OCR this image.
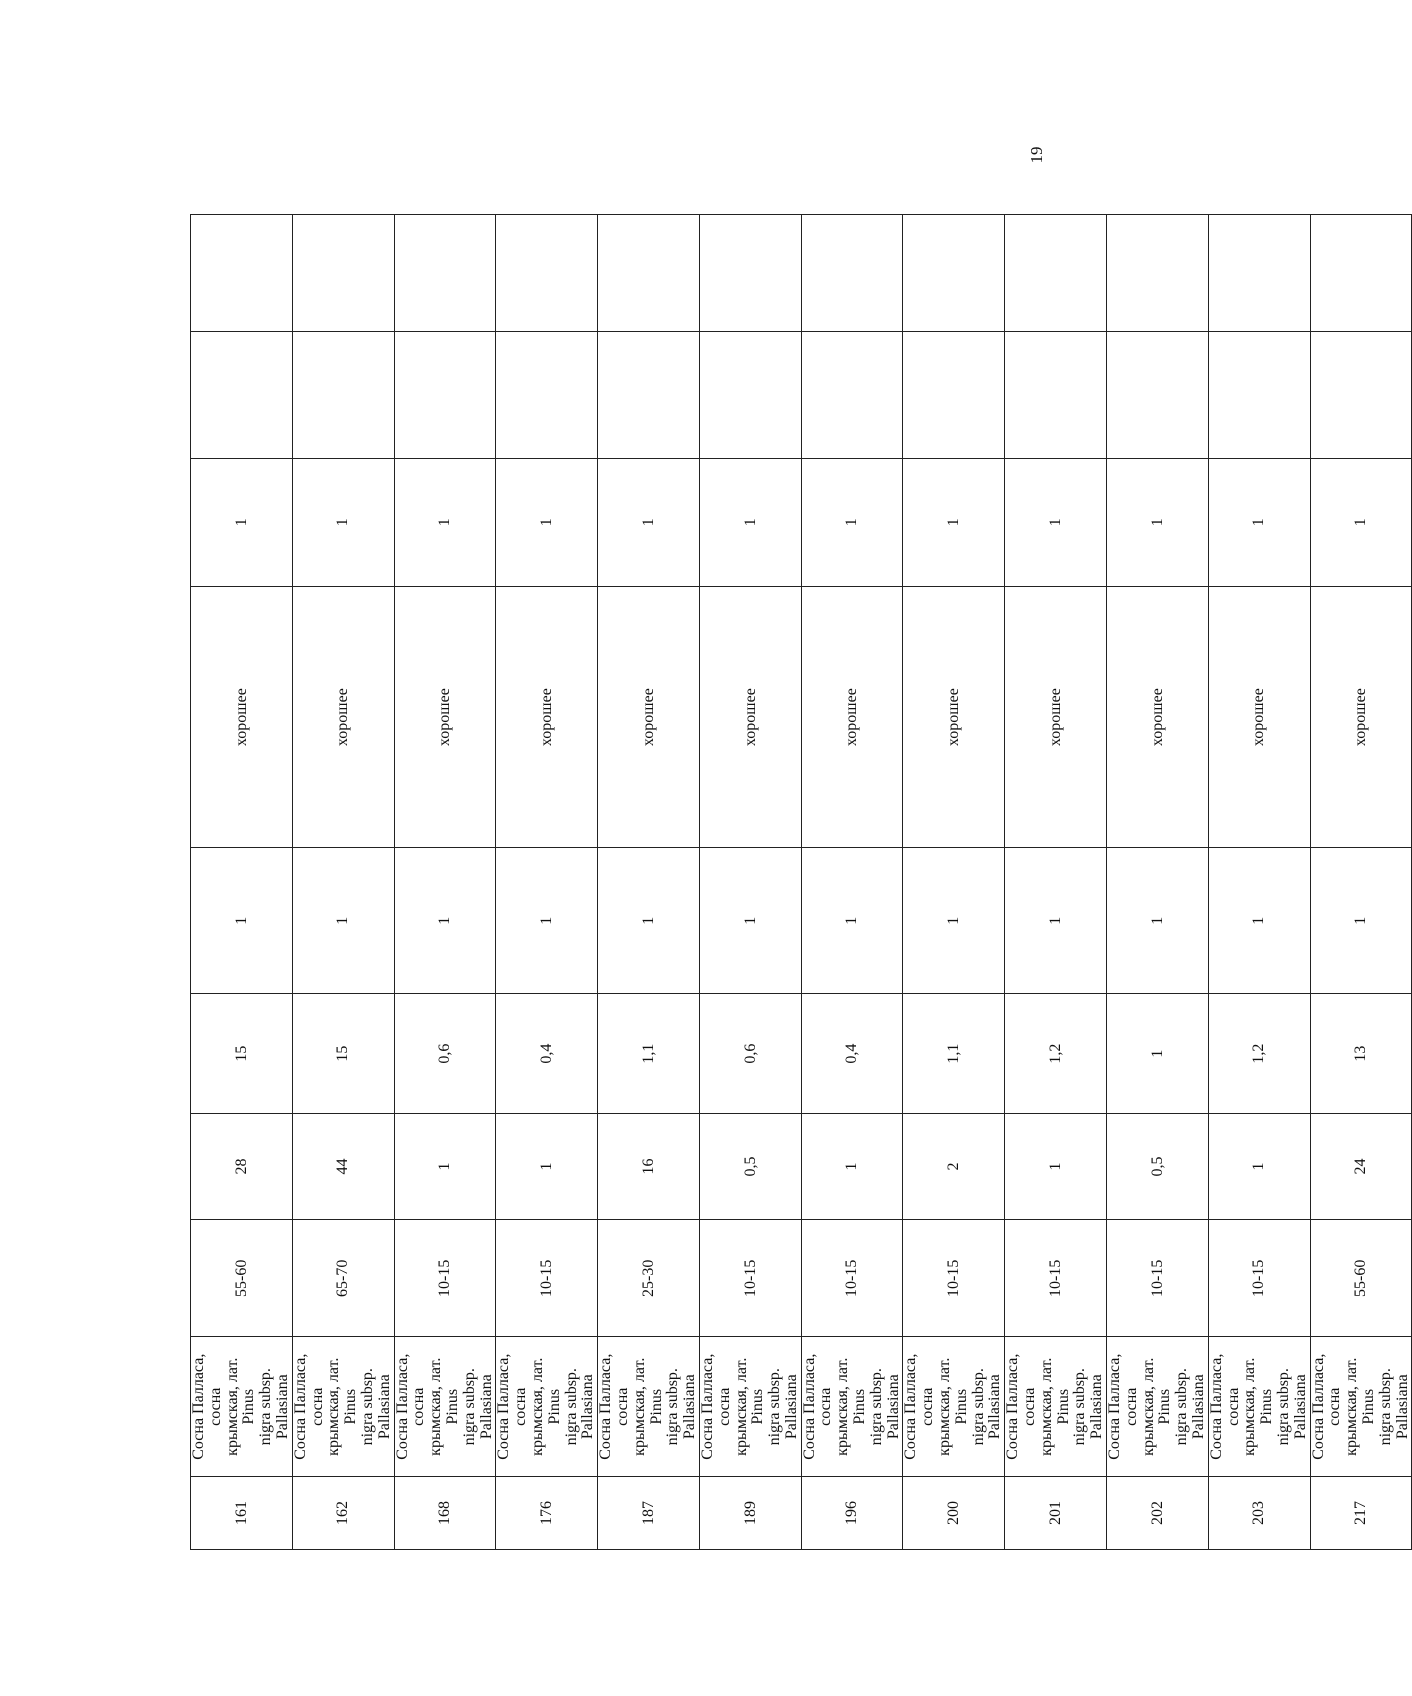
19
161	Сосна Палласа, сосна крымская, лат. Pinus nigra subsp. Pallasiana	55-60	28	15	1	хорошее	1		
162	Сосна Палласа, сосна крымская, лат. Pinus nigra subsp. Pallasiana	65-70	44	15	1	хорошее	1		
168	Сосна Палласа, сосна крымская, лат. Pinus nigra subsp. Pallasiana	10-15	1	0,6	1	хорошее	1		
176	Сосна Палласа, сосна крымская, лат. Pinus nigra subsp. Pallasiana	10-15	1	0,4	1	хорошее	1		
187	Сосна Палласа, сосна крымская, лат. Pinus nigra subsp. Pallasiana	25-30	16	1,1	1	хорошее	1		
189	Сосна Палласа, сосна крымская, лат. Pinus nigra subsp. Pallasiana	10-15	0,5	0,6	1	хорошее	1		
196	Сосна Палласа, сосна крымская, лат. Pinus nigra subsp. Pallasiana	10-15	1	0,4	1	хорошее	1		
200	Сосна Палласа, сосна крымская, лат. Pinus nigra subsp. Pallasiana	10-15	2	1,1	1	хорошее	1		
201	Сосна Палласа, сосна крымская, лат. Pinus nigra subsp. Pallasiana	10-15	1	1,2	1	хорошее	1		
202	Сосна Палласа, сосна крымская, лат. Pinus nigra subsp. Pallasiana	10-15	0,5	1	1	хорошее	1		
203	Сосна Палласа, сосна крымская, лат. Pinus nigra subsp. Pallasiana	10-15	1	1,2	1	хорошее	1		
217	Сосна Палласа, сосна крымская, лат. Pinus nigra subsp. Pallasiana	55-60	24	13	1	хорошее	1		
